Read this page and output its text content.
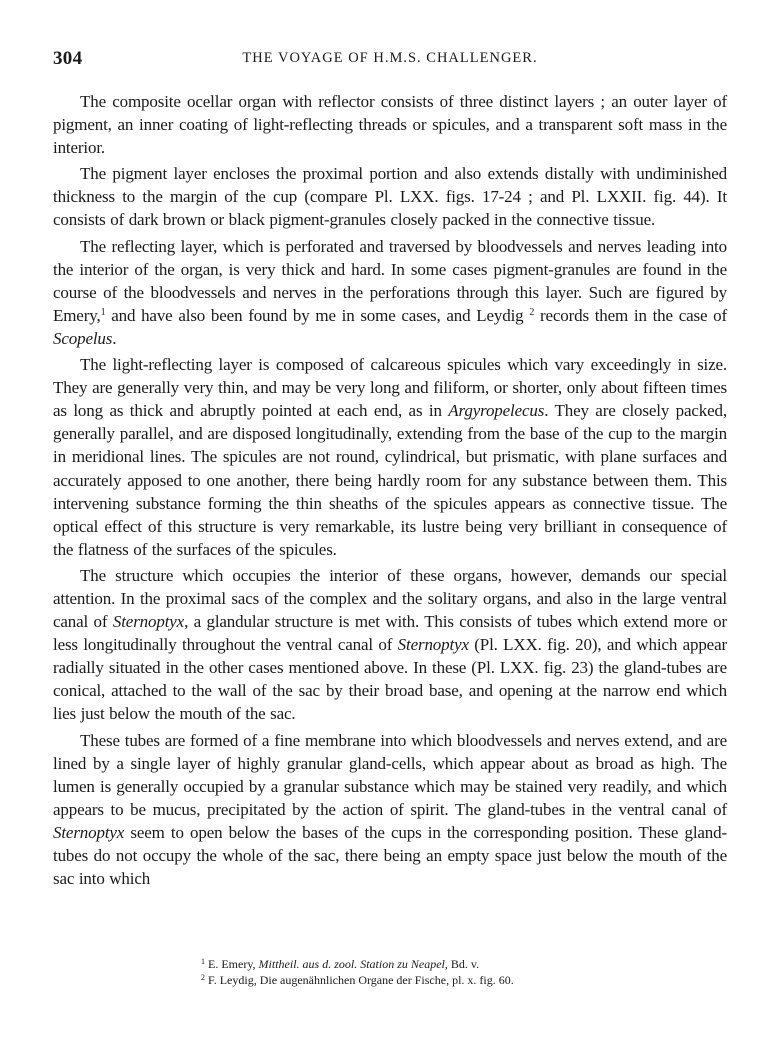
304	THE VOYAGE OF H.M.S. CHALLENGER.

The composite ocellar organ with reflector consists of three distinct layers ; an outer layer of pigment, an inner coating of light-reflecting threads or spicules, and a transparent soft mass in the interior.

The pigment layer encloses the proximal portion and also extends distally with undiminished thickness to the margin of the cup (compare Pl. LXX. figs. 17-24 ; and Pl. LXXII. fig. 44). It consists of dark brown or black pigment-granules closely packed in the connective tissue.

The reflecting layer, which is perforated and traversed by bloodvessels and nerves leading into the interior of the organ, is very thick and hard. In some cases pigment-granules are found in the course of the bloodvessels and nerves in the perforations through this layer. Such are figured by Emery,$^1$ and have also been found by me in some cases, and Leydig $^2$ records them in the case of Scopelus.

The light-reflecting layer is composed of calcareous spicules which vary exceedingly in size. They are generally very thin, and may be very long and filiform, or shorter, only about fifteen times as long as thick and abruptly pointed at each end, as in Argyropelecus. They are closely packed, generally parallel, and are disposed longitudinally, extending from the base of the cup to the margin in meridional lines. The spicules are not round, cylindrical, but prismatic, with plane surfaces and accurately apposed to one another, there being hardly room for any substance between them. This intervening substance forming the thin sheaths of the spicules appears as connective tissue. The optical effect of this structure is very remarkable, its lustre being very brilliant in consequence of the flatness of the surfaces of the spicules.

The structure which occupies the interior of these organs, however, demands our special attention. In the proximal sacs of the complex and the solitary organs, and also in the large ventral canal of Sternoptyx, a glandular structure is met with. This consists of tubes which extend more or less longitudinally throughout the ventral canal of Sternoptyx (Pl. LXX. fig. 20), and which appear radially situated in the other cases mentioned above. In these (Pl. LXX. fig. 23) the gland-tubes are conical, attached to the wall of the sac by their broad base, and opening at the narrow end which lies just below the mouth of the sac.

These tubes are formed of a fine membrane into which bloodvessels and nerves extend, and are lined by a single layer of highly granular gland-cells, which appear about as broad as high. The lumen is generally occupied by a granular substance which may be stained very readily, and which appears to be mucus, precipitated by the action of spirit. The gland-tubes in the ventral canal of Sternoptyx seem to open below the bases of the cups in the corresponding position. These gland-tubes do not occupy the whole of the sac, there being an empty space just below the mouth of the sac into which

$^1$ E. Emery, Mittheil. aus d. zool. Station zu Neapel, Bd. v.

$^2$ F. Leydig, Die augenähnlichen Organe der Fische, pl. x. fig. 60.
